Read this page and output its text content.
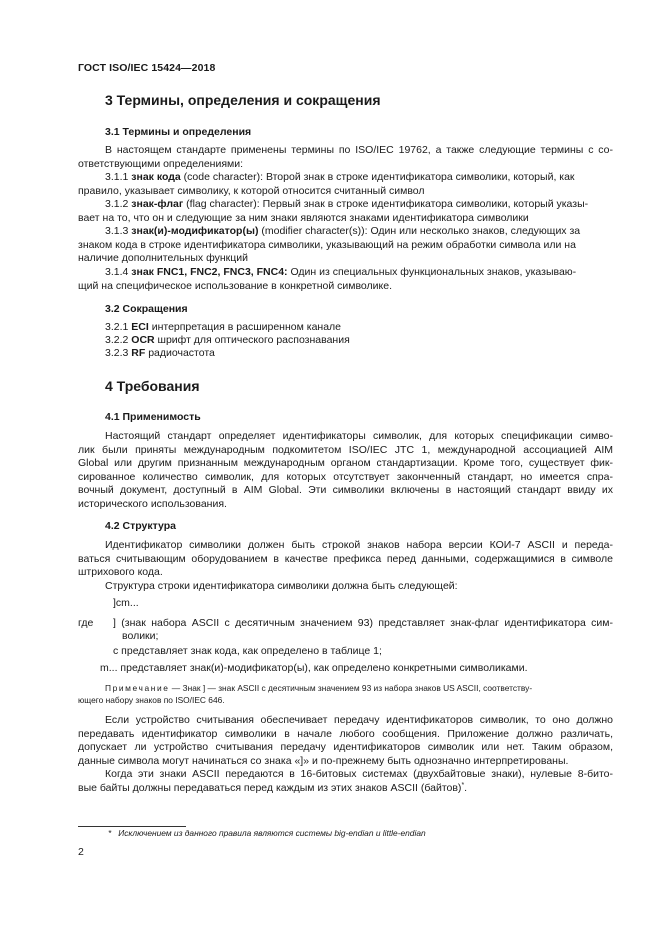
ГОСТ ISO/IEC 15424—2018
3 Термины, определения и сокращения
3.1 Термины и определения
В настоящем стандарте применены термины по ISO/IEC 19762, а также следующие термины с со-
ответствующими определениями:
3.1.1 знак кода (code character): Второй знак в строке идентификатора символики, который, как
правило, указывает символику, к которой относится считанный символ
3.1.2 знак-флаг (flag character): Первый знак в строке идентификатора символики, который указы-
вает на то, что он и следующие за ним знаки являются знаками идентификатора символики
3.1.3 знак(и)-модификатор(ы) (modifier character(s)): Один или несколько знаков, следующих за
знаком кода в строке идентификатора символики, указывающий на режим обработки символа или на
наличие дополнительных функций
3.1.4 знак FNC1, FNC2, FNC3, FNC4: Один из специальных функциональных знаков, указываю-
щий на специфическое использование в конкретной символике.
3.2 Сокращения
3.2.1 ECI интерпретация в расширенном канале
3.2.2 OCR шрифт для оптического распознавания
3.2.3 RF радиочастота
4 Требования
4.1 Применимость
Настоящий стандарт определяет идентификаторы символик, для которых спецификации симво-
лик были приняты международным подкомитетом ISO/IEC JTC 1, международной ассоциацией AIM
Global или другим признанным международным органом стандартизации. Кроме того, существует фик-
сированное количество символик, для которых отсутствует законченный стандарт, но имеется спра-
вочный документ, доступный в AIM Global. Эти символики включены в настоящий стандарт ввиду их
исторического использования.
4.2 Структура
Идентификатор символики должен быть строкой знаков набора версии КОИ-7 ASCII и переда-
ваться считывающим оборудованием в качестве префикса перед данными, содержащимися в символе
штрихового кода.
Структура строки идентификатора символики должна быть следующей:
]cm...
где ] (знак набора ASCII с десятичным значением 93) представляет знак-флаг идентификатора сим-
волики;
c представляет знак кода, как определено в таблице 1;
m... представляет знак(и)-модификатор(ы), как определено конкретными символиками.
Примечание — Знак ] — знак ASCII с десятичным значением 93 из набора знаков US ASCII, соответству-
ющего набору знаков по ISO/IEC 646.
Если устройство считывания обеспечивает передачу идентификаторов символик, то оно должно
передавать идентификатор символики в начале любого сообщения. Приложение должно различать,
допускает ли устройство считывания передачу идентификаторов символик или нет. Таким образом,
данные символа могут начинаться со знака «]» и по-прежнему быть однозначно интерпретированы.
Когда эти знаки ASCII передаются в 16-битовых системах (двухбайтовые знаки), нулевые 8-бито-
вые байты должны передаваться перед каждым из этих знаков ASCII (байтов)*.
* Исключением из данного правила являются системы big-endian и little-endian
2
